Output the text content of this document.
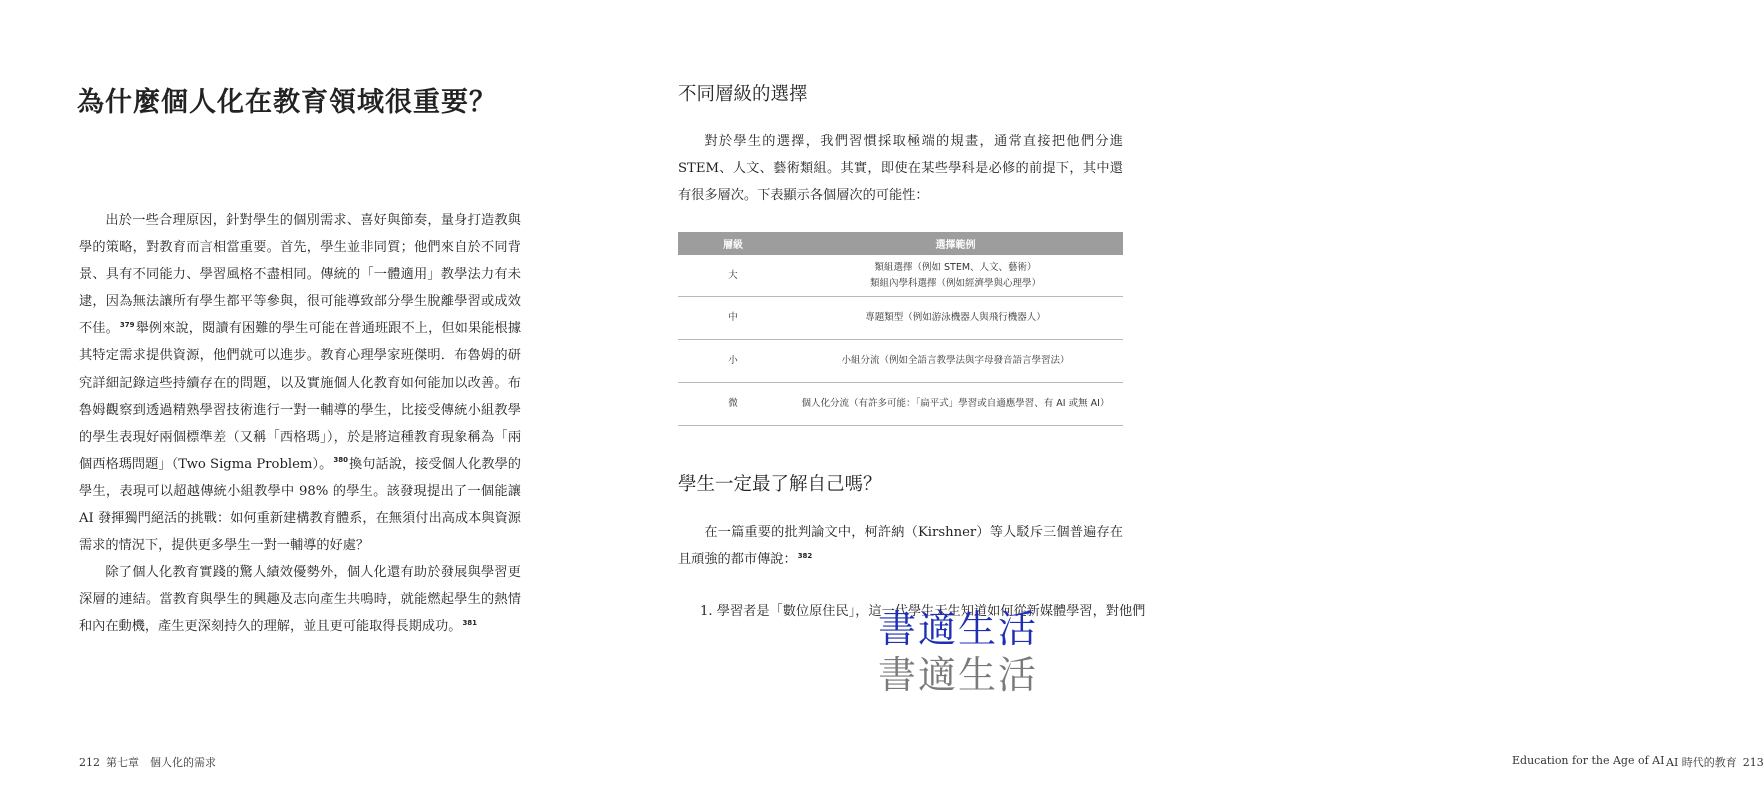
為什麼個人化在教育領域很重要？

出於一些合理原因，針對學生的個別需求、喜好與節奏，量身打造教與學的策略，對教育而言相當重要。首先，學生並非同質；他們來自於不同背景、具有不同能力、學習風格不盡相同。傳統的「一體適用」教學法力有未逮，因為無法讓所有學生都平等參與，很可能導致部分學生脫離學習或成效不佳。$^{379}$舉例來說，閱讀有困難的學生可能在普通班跟不上，但如果能根據其特定需求提供資源，他們就可以進步。教育心理學家班傑明．布魯姆的研究詳細記錄這些持續存在的問題，以及實施個人化教育如何能加以改善。布魯姆觀察到透過精熟學習技術進行一對一輔導的學生，比接受傳統小組教學的學生表現好兩個標準差（又稱「西格瑪」），於是將這種教育現象稱為「兩個西格瑪問題」（Two Sigma Problem）。$^{380}$換句話說，接受個人化教學的學生，表現可以超越傳統小組教學中 98% 的學生。該發現提出了一個能讓 AI 發揮獨門絕活的挑戰：如何重新建構教育體系，在無須付出高成本與資源需求的情況下，提供更多學生一對一輔導的好處？

除了個人化教育實踐的驚人績效優勢外，個人化還有助於發展與學習更深層的連結。當教育與學生的興趣及志向產生共鳴時，就能燃起學生的熱情和內在動機，產生更深刻持久的理解，並且更可能取得長期成功。$^{381}$

212 第七章　個人化的需求
不同層級的選擇

對於學生的選擇，我們習慣採取極端的規畫，通常直接把他們分進 STEM、人文、藝術類組。其實，即使在某些學科是必修的前提下，其中還有很多層次。下表顯示各個層次的可能性：

層級	選擇範例
大	類組選擇（例如 STEM、人文、藝術）
類組內學科選擇（例如經濟學與心理學）

中	專題類型（例如游泳機器人與飛行機器人）

小	小組分流（例如全語言教學法與字母發音語言學習法）

微	個人化分流（有許多可能：「扁平式」學習或自適應學習、有 AI 或無 AI）
學生一定最了解自己嗎？

在一篇重要的批判論文中，柯許納（Kirshner）等人駁斥三個普遍存在且頑強的都市傳說：$^{382}$

1. 學習者是「數位原住民」，這一代學生天生知道如何從新媒體學習，對他們

Education for the Age of AI AI 時代的教育 213
書適生活
書適生活
